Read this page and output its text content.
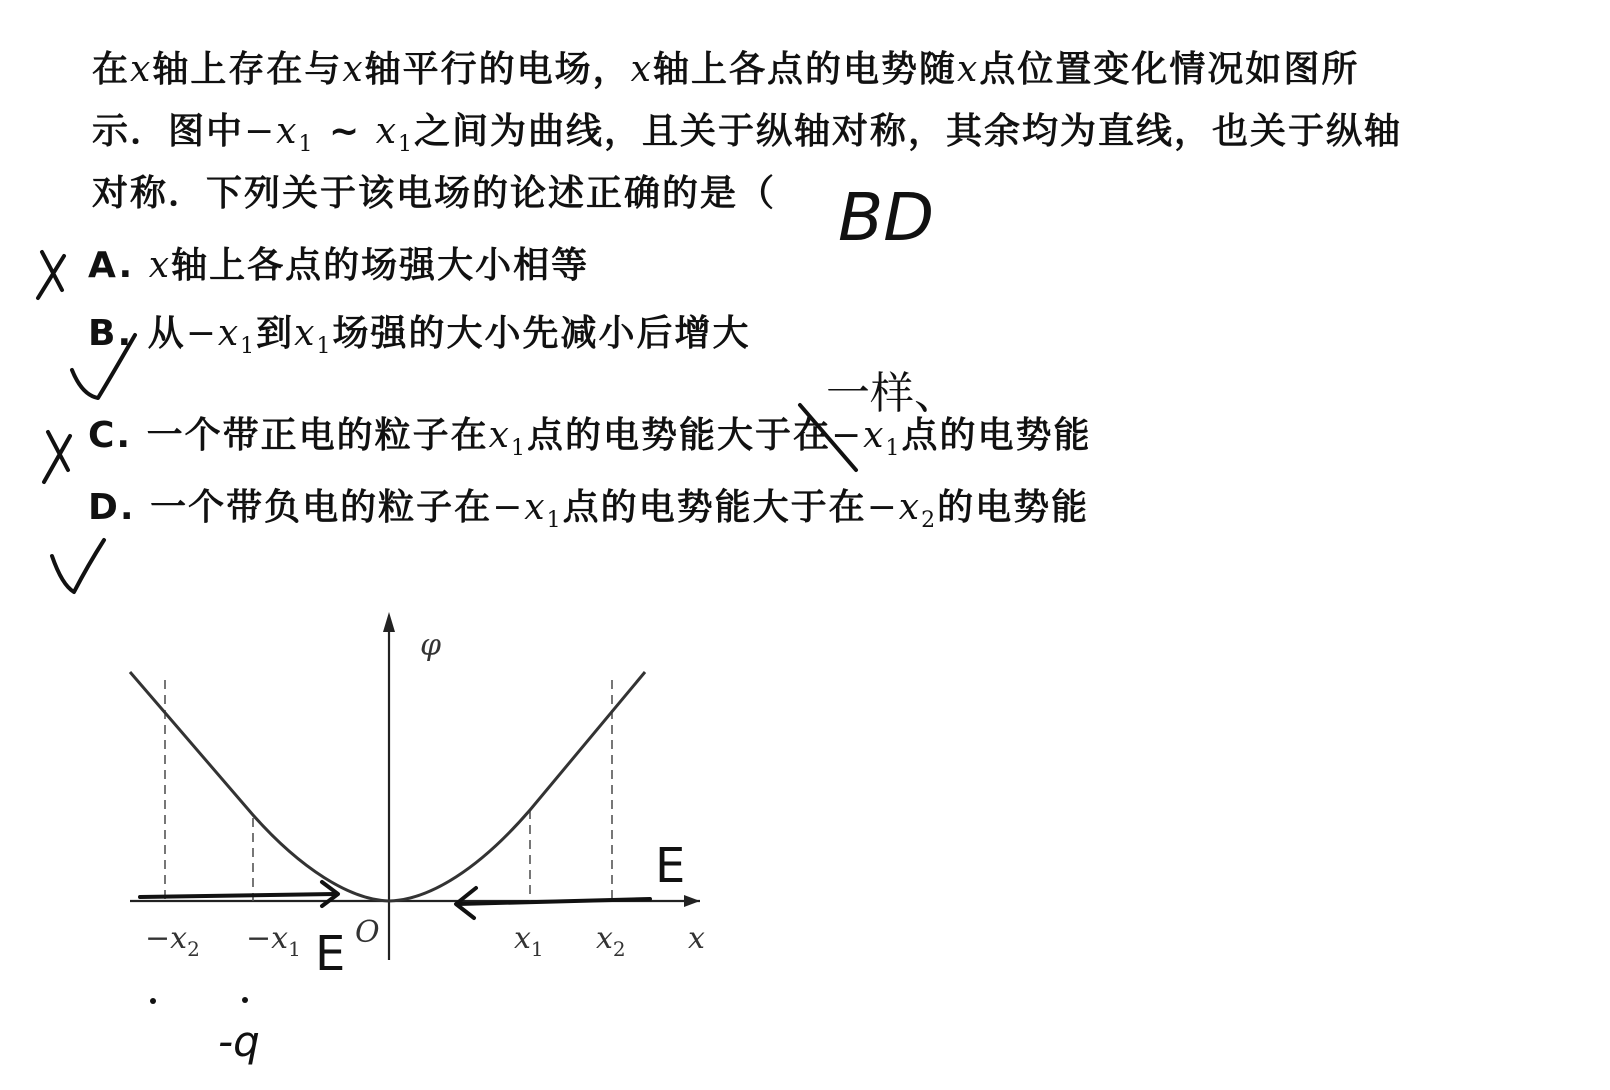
在x轴上存在与x轴平行的电场，x轴上各点的电势随x点位置变化情况如图所
示．图中$-x_1$ ~ $x_1$之间为曲线，且关于纵轴对称，其余均为直线，也关于纵轴
对称．下列关于该电场的论述正确的是（
A. x轴上各点的场强大小相等
B. 从$-x_1$到$x_1$场强的大小先减小后增大
C. 一个带正电的粒子在$x_1$点的电势能大于在$-x_1$点的电势能
D. 一个带负电的粒子在$-x_1$点的电势能大于在$-x_2$的电势能
φ
x
O
$-x_2 -x_1$	$x_1$ $x_2$
BD
一样、
E
E
-q
